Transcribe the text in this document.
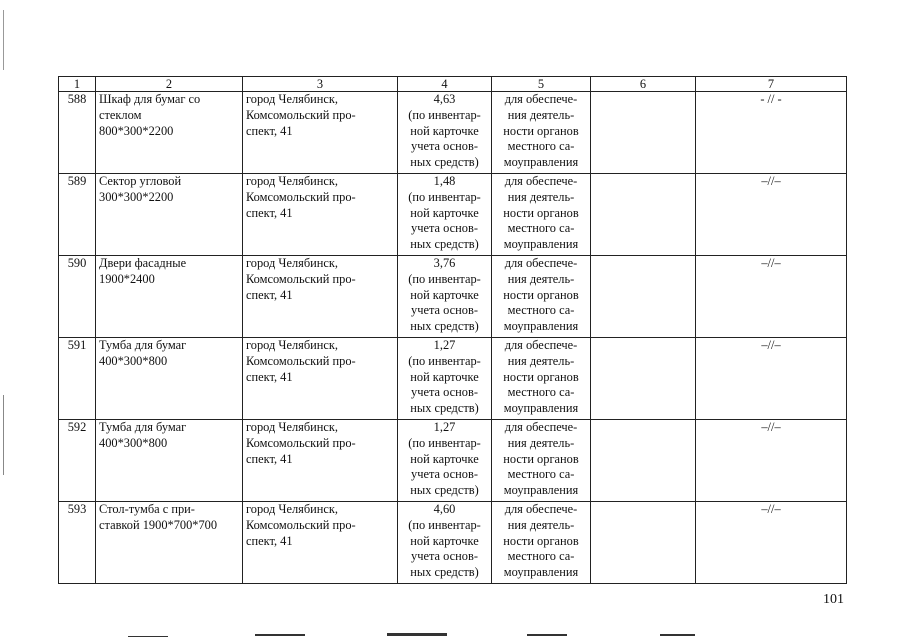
1	2	3	4	5	6	7
588	Шкаф для бумаг со
стеклом
800*300*2200	город Челябинск,
Комсомольский про-
спект, 41	4,63
(по инвентар-
ной карточке
учета основ-
ных средств)	для обеспече-
ния деятель-
ности органов
местного са-
моуправления		- // -
589	Сектор угловой
300*300*2200	город Челябинск,
Комсомольский про-
спект, 41	1,48
(по инвентар-
ной карточке
учета основ-
ных средств)	для обеспече-
ния деятель-
ности органов
местного са-
моуправления		–//–
590	Двери фасадные
1900*2400	город Челябинск,
Комсомольский про-
спект, 41	3,76
(по инвентар-
ной карточке
учета основ-
ных средств)	для обеспече-
ния деятель-
ности органов
местного са-
моуправления		–//–
591	Тумба для бумаг
400*300*800	город Челябинск,
Комсомольский про-
спект, 41	1,27
(по инвентар-
ной карточке
учета основ-
ных средств)	для обеспече-
ния деятель-
ности органов
местного са-
моуправления		–//–
592	Тумба для бумаг
400*300*800	город Челябинск,
Комсомольский про-
спект, 41	1,27
(по инвентар-
ной карточке
учета основ-
ных средств)	для обеспече-
ния деятель-
ности органов
местного са-
моуправления		–//–
593	Стол-тумба с при-
ставкой 1900*700*700	город Челябинск,
Комсомольский про-
спект, 41	4,60
(по инвентар-
ной карточке
учета основ-
ных средств)	для обеспече-
ния деятель-
ности органов
местного са-
моуправления		–//–
101
